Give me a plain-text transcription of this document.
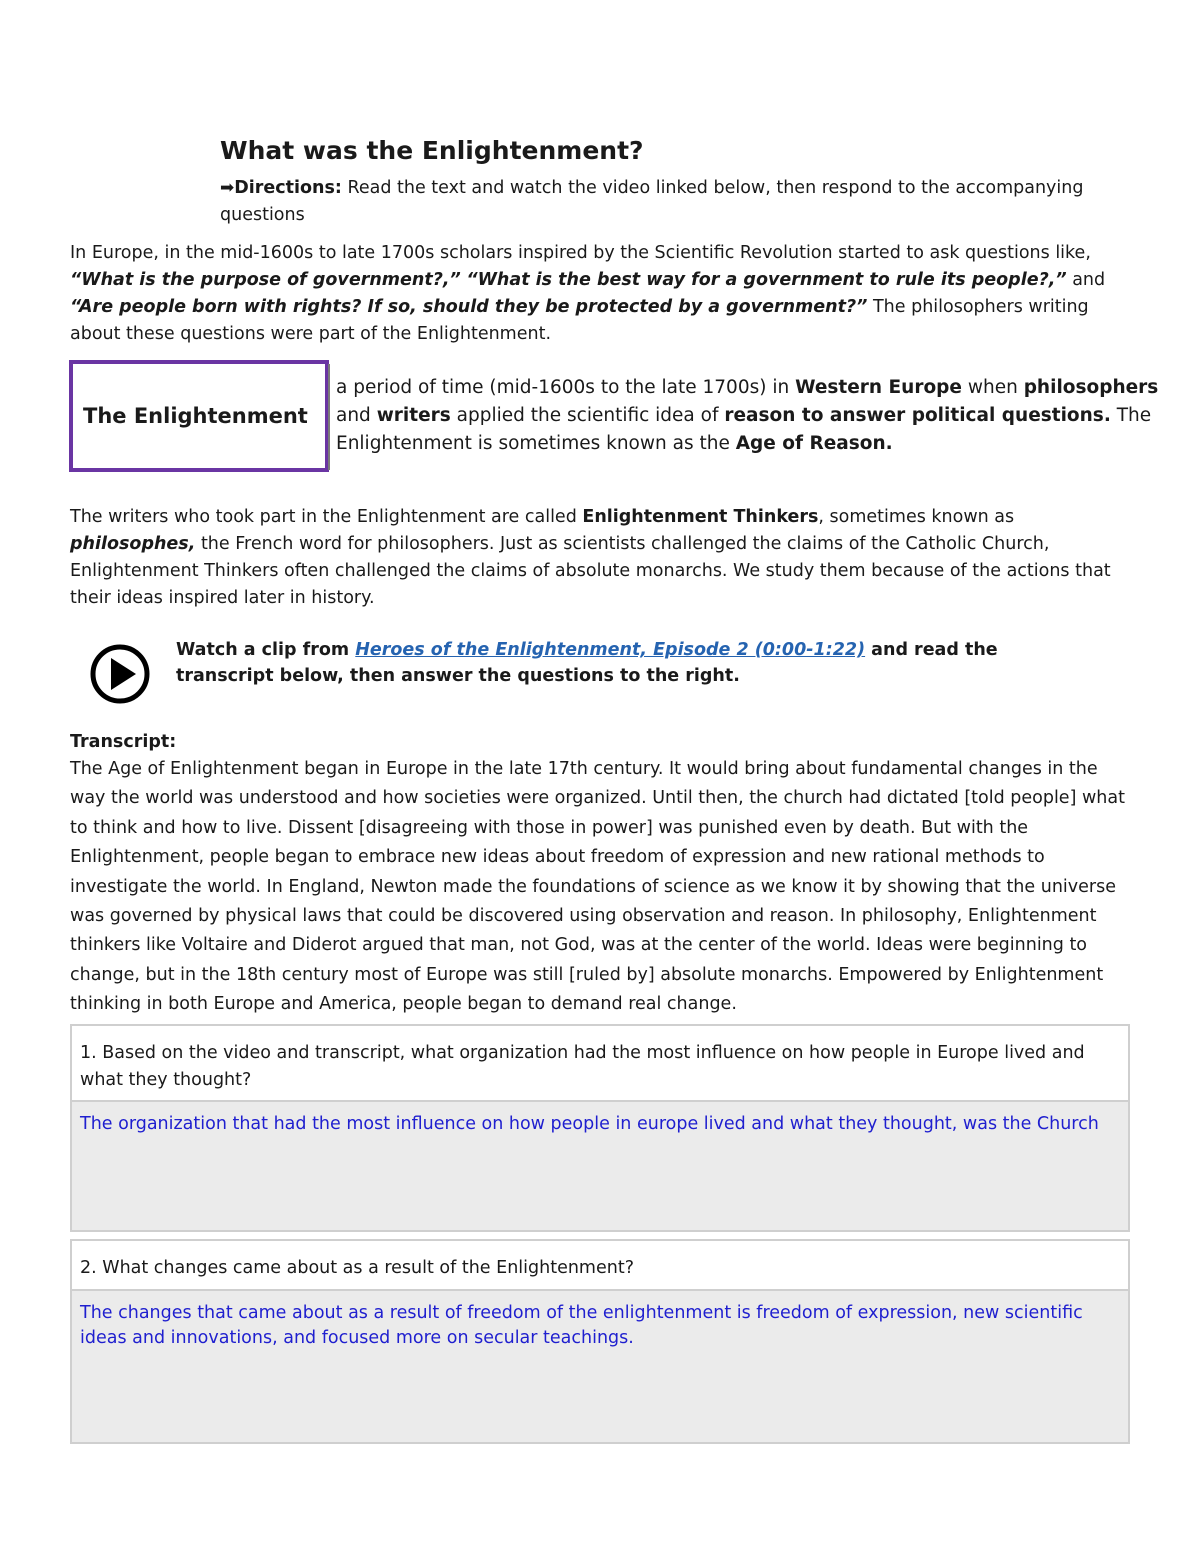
What was the Enlightenment?
➡Directions: Read the text and watch the video linked below, then respond to the accompanying questions

In Europe, in the mid-1600s to late 1700s scholars inspired by the Scientific Revolution started to ask questions like, “What is the purpose of government?,” “What is the best way for a government to rule its people?,” and “Are people born with rights? If so, should they be protected by a government?” The philosophers writing about these questions were part of the Enlightenment.

The Enlightenment

a period of time (mid-1600s to the late 1700s) in Western Europe when philosophers and writers applied the scientific idea of reason to answer political questions. The Enlightenment is sometimes known as the Age of Reason.

The writers who took part in the Enlightenment are called Enlightenment Thinkers, sometimes known as philosophes, the French word for philosophers. Just as scientists challenged the claims of the Catholic Church, Enlightenment Thinkers often challenged the claims of absolute monarchs. We study them because of the actions that their ideas inspired later in history.

Watch a clip from Heroes of the Enlightenment, Episode 2 (0:00-1:22) and read the transcript below, then answer the questions to the right.

Transcript:
The Age of Enlightenment began in Europe in the late 17th century. It would bring about fundamental changes in the way the world was understood and how societies were organized. Until then, the church had dictated [told people] what to think and how to live. Dissent [disagreeing with those in power] was punished even by death. But with the Enlightenment, people began to embrace new ideas about freedom of expression and new rational methods to investigate the world. In England, Newton made the foundations of science as we know it by showing that the universe was governed by physical laws that could be discovered using observation and reason. In philosophy, Enlightenment thinkers like Voltaire and Diderot argued that man, not God, was at the center of the world. Ideas were beginning to change, but in the 18th century most of Europe was still [ruled by] absolute monarchs. Empowered by Enlightenment thinking in both Europe and America, people began to demand real change.

1. Based on the video and transcript, what organization had the most influence on how people in Europe lived and what they thought?
The organization that had the most influence on how people in europe lived and what they thought, was the Church
2. What changes came about as a result of the Enlightenment?
The changes that came about as a result of freedom of the enlightenment is freedom of expression, new scientific ideas and innovations, and focused more on secular teachings.
